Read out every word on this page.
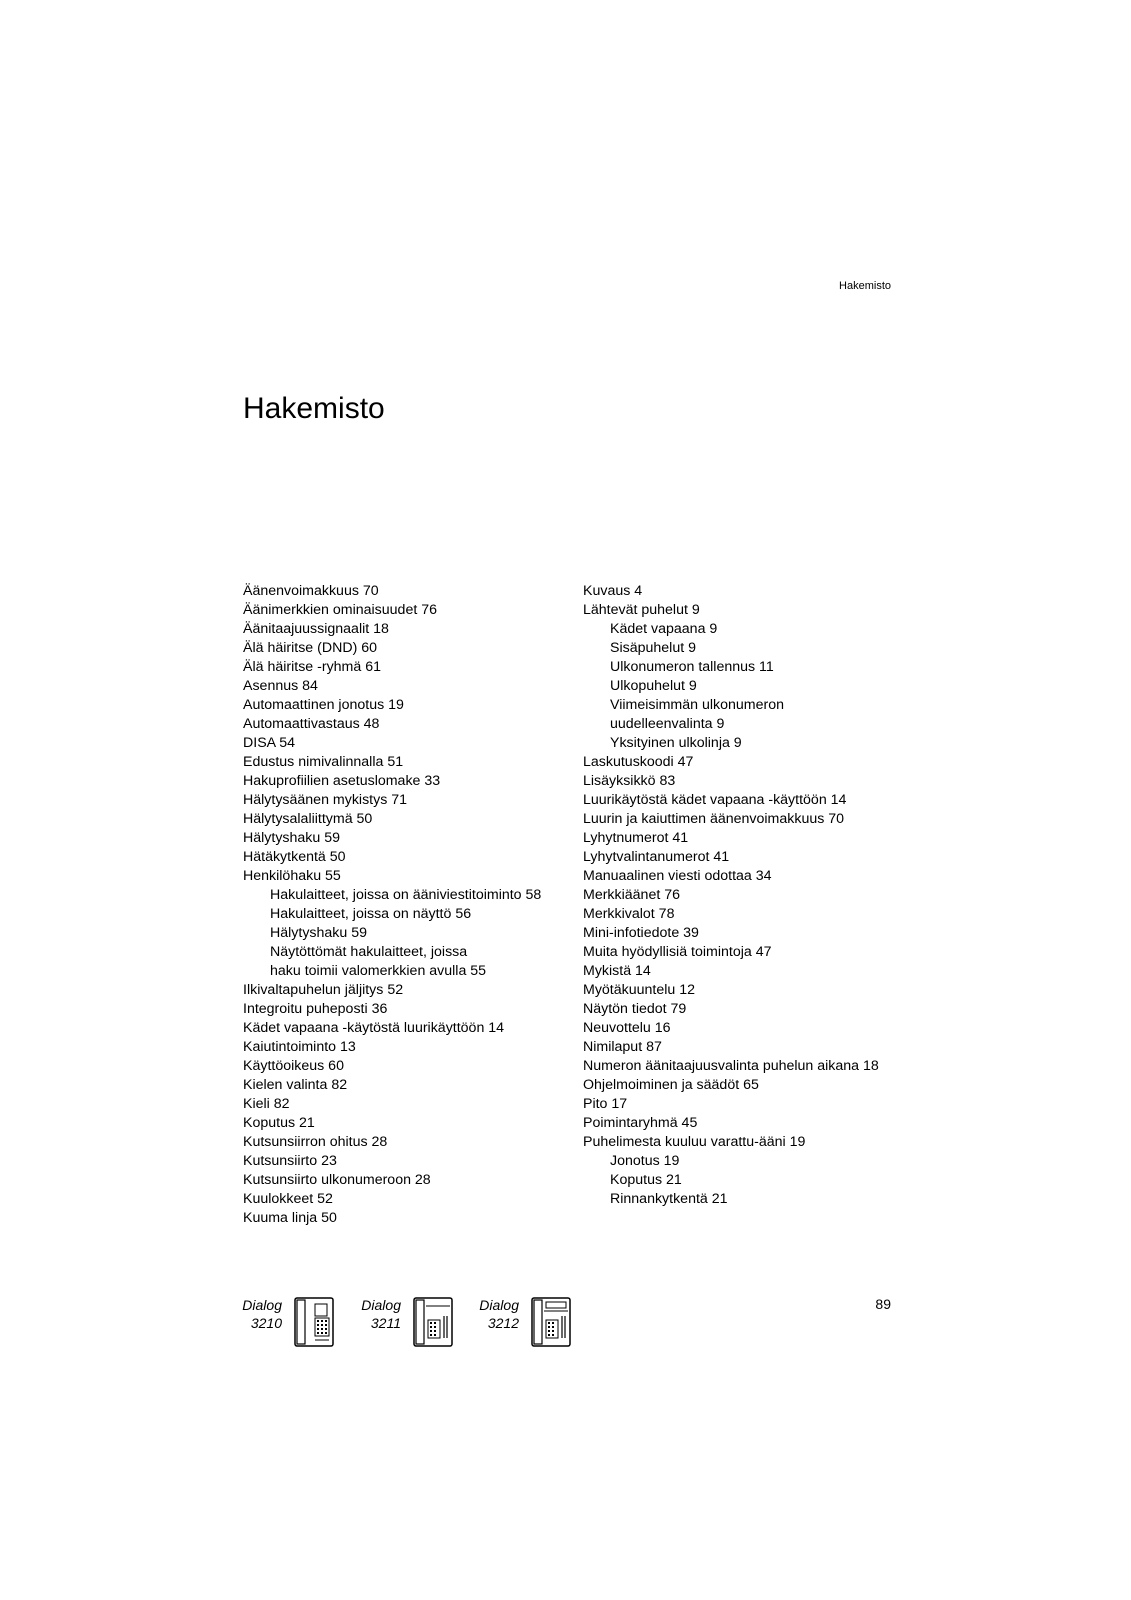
Hakemisto
Hakemisto
Äänenvoimakkuus 70
Äänimerkkien ominaisuudet 76
Äänitaajuussignaalit 18
Älä häiritse (DND) 60
Älä häiritse -ryhmä 61
Asennus 84
Automaattinen jonotus 19
Automaattivastaus 48
DISA 54
Edustus nimivalinnalla 51
Hakuprofiilien asetuslomake 33
Hälytysäänen mykistys 71
Hälytysalaliittymä 50
Hälytyshaku 59
Hätäkytkentä 50
Henkilöhaku 55
Hakulaitteet, joissa on ääniviestitoiminto 58
Hakulaitteet, joissa on näyttö 56
Hälytyshaku 59
Näytöttömät hakulaitteet, joissa
haku toimii valomerkkien avulla 55
Ilkivaltapuhelun jäljitys 52
Integroitu puheposti 36
Kädet vapaana -käytöstä luurikäyttöön 14
Kaiutintoiminto 13
Käyttöoikeus 60
Kielen valinta 82
Kieli 82
Koputus 21
Kutsunsiirron ohitus 28
Kutsunsiirto 23
Kutsunsiirto ulkonumeroon 28
Kuulokkeet 52
Kuuma linja 50
Kuvaus 4
Lähtevät puhelut 9
Kädet vapaana 9
Sisäpuhelut 9
Ulkonumeron tallennus 11
Ulkopuhelut 9
Viimeisimmän ulkonumeron
uudelleenvalinta 9
Yksityinen ulkolinja 9
Laskutuskoodi 47
Lisäyksikkö 83
Luurikäytöstä kädet vapaana -käyttöön 14
Luurin ja kaiuttimen äänenvoimakkuus 70
Lyhytnumerot 41
Lyhytvalintanumerot 41
Manuaalinen viesti odottaa 34
Merkkiäänet 76
Merkkivalot 78
Mini-infotiedote 39
Muita hyödyllisiä toimintoja 47
Mykistä 14
Myötäkuuntelu 12
Näytön tiedot 79
Neuvottelu 16
Nimilaput 87
Numeron äänitaajuusvalinta puhelun aikana 18
Ohjelmoiminen ja säädöt 65
Pito 17
Poimintaryhmä 45
Puhelimesta kuuluu varattu-ääni 19
Jonotus 19
Koputus 21
Rinnankytkentä 21
Dialog
3210
Dialog
3211
Dialog
3212
89
